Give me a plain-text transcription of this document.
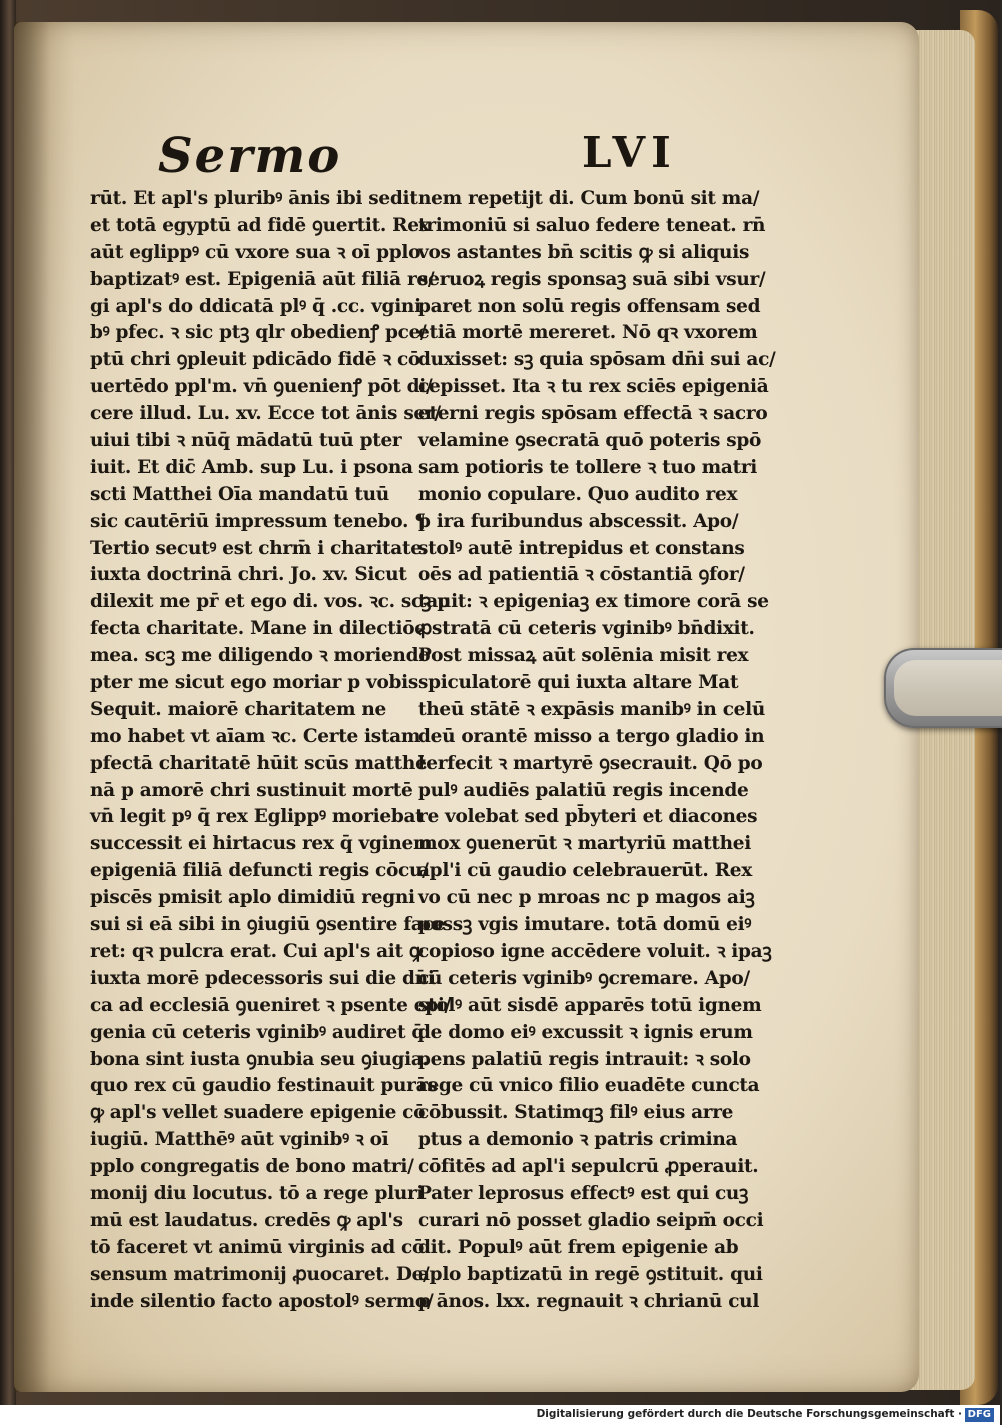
Sermo	LVI
rūt. Et apl's pluribꝰ ānis ibi sedit
et totā egyptū ad fidē ꝯuertit. Rex
aūt eglippꝰ cū vxore sua ꝛ oī pplo
baptizatꝰ est. Epigeniā aūt filiā re/
gi apl's do ddicatā plꝰ q̄ .cc. vgini
bꝰ pfec. ꝛ sic ptꝫ qlr obedienꝭ pce/
ptū chri ꝯpleuit pdicādo fidē ꝛ cō
uertēdo ppl'm. vn̄ ꝯuenienꝭ pōt di/
cere illud. Lu. xv. Ecce tot ānis ser/
uiui tibi ꝛ nūq̄ mādatū tuū pter
iuit. Et dic̄ Amb. sup Lu. i psona
scti Matthei Oīa mandatū tuū
sic cautēriū impressum tenebo. ¶
Tertio secutꝰ est chrm̄ i charitate.
iuxta doctrinā chri. Jo. xv. Sicut
dilexit me pr̄ et ego di. vos. ꝛc. scꝫ p
fecta charitate. Mane in dilectiōe
mea. scꝫ me diligendo ꝛ moriendo
pter me sicut ego moriar p vobis
Sequit. maiorē charitatem ne
mo habet vt aīam ꝛc. Certe istam
pfectā charitatē hūit scūs matthē
nā p amorē chri sustinuit mortē
vn̄ legit pꝰ q̄ rex Eglippꝰ moriebat
successit ei hirtacus rex q̄ vginem
epigeniā filiā defuncti regis cōcu/
piscēs pmisit aplo dimidiū regni
sui si eā sibi in ꝯiugiū ꝯsentire face
ret: qꝛ pulcra erat. Cui apl's ait ꝙ
iuxta morē pdecessoris sui die dn̄i
ca ad ecclesiā ꝯueniret ꝛ psente epi/
genia cū ceteris vginibꝰ audiret q̄
bona sint iusta ꝯnubia seu ꝯiugia.
quo rex cū gaudio festinauit purās
ꝙ apl's vellet suadere epigenie cō
iugiū. Matthēꝰ aūt vginibꝰ ꝛ oī
pplo congregatis de bono matri/
monij diu locutus. tō a rege pluri
mū est laudatus. credēs ꝙ apl's
tō faceret vt animū virginis ad cō
sensum matrimonij ꝓuocaret. De/
inde silentio facto apostolꝰ sermo/
nem repetijt di. Cum bonū sit ma/
trimoniū si saluo federe teneat. rn̄
vos astantes bn̄ scitis ꝙ si aliquis
seruoꝝ regis sponsaꝫ suā sibi vsur/
paret non solū regis offensam sed
etiā mortē mereret. Nō qꝛ vxorem
duxisset: sꝫ quia spōsam dn̄i sui ac/
cepisset. Ita ꝛ tu rex sciēs epigeniā
eterni regis spōsam effectā ꝛ sacro
velamine ꝯsecratā quō poteris spō
sam potioris te tollere ꝛ tuo matri
monio copulare. Quo audito rex
p ira furibundus abscessit. Apo/
stolꝰ autē intrepidus et constans
oēs ad patientiā ꝛ cōstantiā ꝯfor/
tauit: ꝛ epigeniaꝫ ex timore corā se
ꝓstratā cū ceteris vginibꝰ bn̄dixit.
Post missaꝝ aūt solēnia misit rex
spiculatorē qui iuxta altare Mat
theū stātē ꝛ expāsis manibꝰ in celū
deū orantē misso a tergo gladio in
terfecit ꝛ martyrē ꝯsecrauit. Qō po
pulꝰ audiēs palatiū regis incende
re volebat sed pb̄yteri et diacones
mox ꝯuenerūt ꝛ martyriū matthei
apl'i cū gaudio celebrauerūt. Rex
vo cū nec p mroas nc p magos aiꝫ
possꝫ vgis imutare. totā domū eiꝰ
copioso igne accēdere voluit. ꝛ ipaꝫ
cū ceteris vginibꝰ ꝯcremare. Apo/
stolꝰ aūt sisdē apparēs totū ignem
de domo eiꝰ excussit ꝛ ignis erum
pens palatiū regis intrauit: ꝛ solo
rege cū vnico filio euadēte cuncta
cōbussit. Statimqꝫ filꝰ eius arre
ptus a demonio ꝛ patris crimina
cōfitēs ad apl'i sepulcrū ꝓperauit.
Pater leprosus effectꝰ est qui cuꝫ
curari nō posset gladio seipm̄ occi
dit. Populꝰ aūt frem epigenie ab
aplo baptizatū in regē ꝯstituit. qui
p ānos. lxx. regnauit ꝛ chrianū cul
Digitalisierung gefördert durch die Deutsche Forschungsgemeinschaft · DFG
